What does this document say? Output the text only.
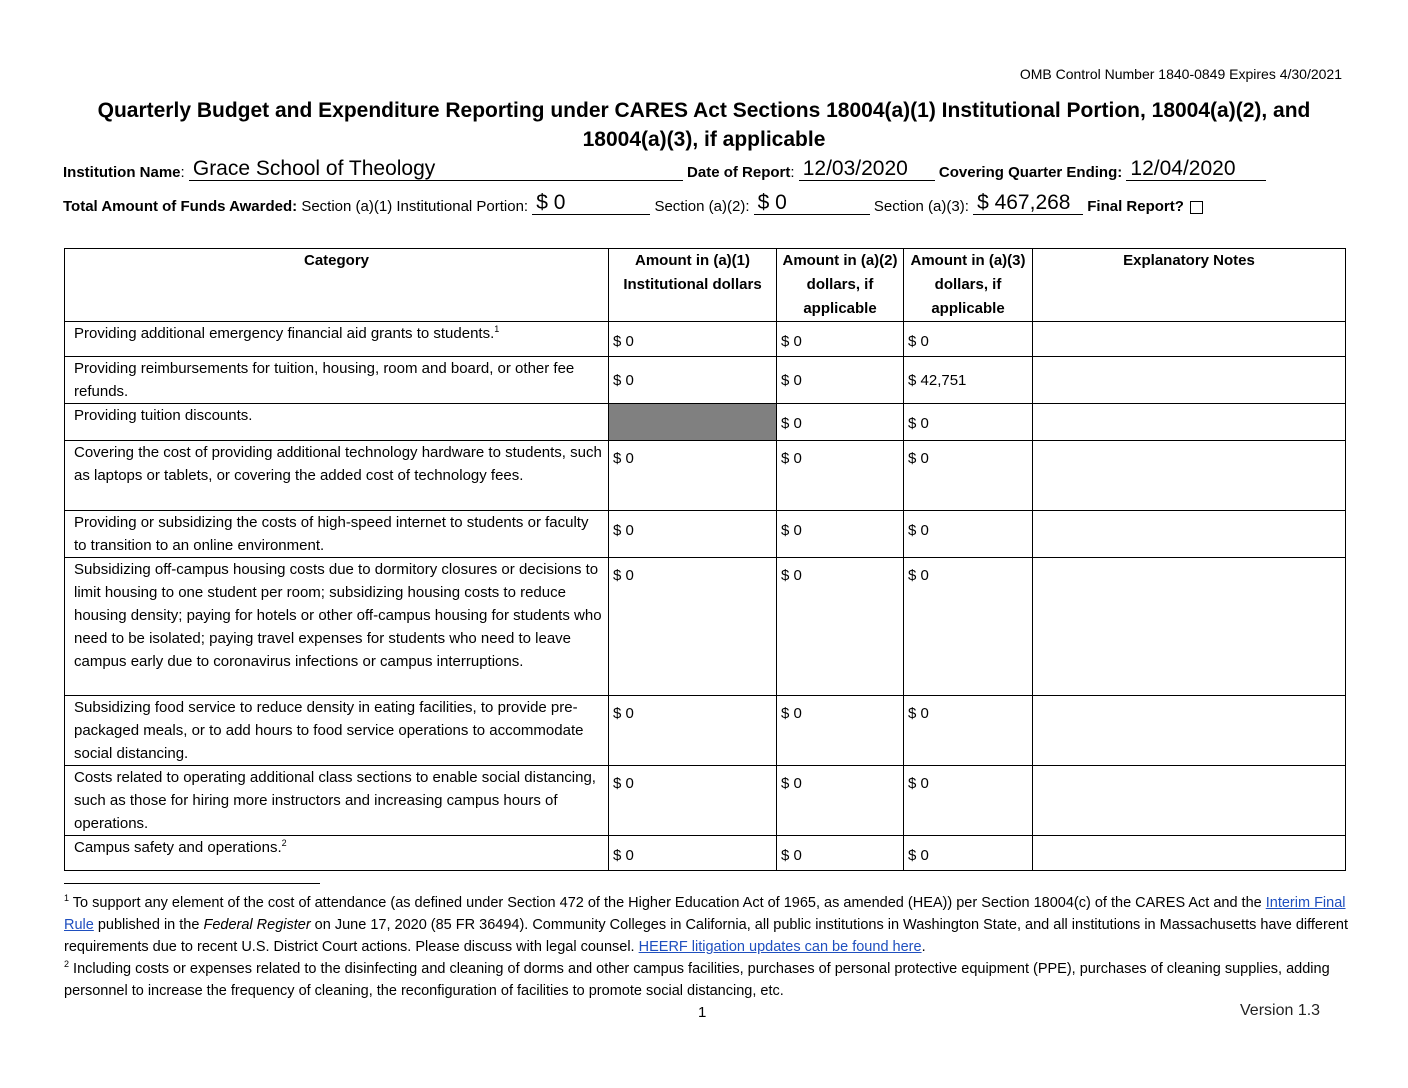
OMB Control Number 1840-0849 Expires 4/30/2021
Quarterly Budget and Expenditure Reporting under CARES Act Sections 18004(a)(1) Institutional Portion, 18004(a)(2), and 18004(a)(3), if applicable
Institution Name: Grace School of Theology	Date of Report: 12/03/2020 Covering Quarter Ending: 12/04/2020
Total Amount of Funds Awarded: Section (a)(1) Institutional Portion: $ 0	Section (a)(2): $ 0	Section (a)(3): $ 467,268 Final Report?
Category	Amount in (a)(1) Institutional dollars	Amount in (a)(2) dollars, if applicable	Amount in (a)(3) dollars, if applicable	Explanatory Notes
Providing additional emergency financial aid grants to students.$^1$	$ 0	$ 0	$ 0	
Providing reimbursements for tuition, housing, room and board, or other fee refunds.	$ 0	$ 0	$ 42,751	
Providing tuition discounts.		$ 0	$ 0	
Covering the cost of providing additional technology hardware to students, such as laptops or tablets, or covering the added cost of technology fees.	$ 0	$ 0	$ 0	
Providing or subsidizing the costs of high-speed internet to students or faculty to transition to an online environment.	$ 0	$ 0	$ 0	
Subsidizing off-campus housing costs due to dormitory closures or decisions to limit housing to one student per room; subsidizing housing costs to reduce housing density; paying for hotels or other off-campus housing for students who need to be isolated; paying travel expenses for students who need to leave campus early due to coronavirus infections or campus interruptions.	$ 0	$ 0	$ 0	
Subsidizing food service to reduce density in eating facilities, to provide pre-packaged meals, or to add hours to food service operations to accommodate social distancing.	$ 0	$ 0	$ 0	
Costs related to operating additional class sections to enable social distancing, such as those for hiring more instructors and increasing campus hours of operations.	$ 0	$ 0	$ 0	
Campus safety and operations.$^2$	$ 0	$ 0	$ 0	
$^1$ To support any element of the cost of attendance (as defined under Section 472 of the Higher Education Act of 1965, as amended (HEA)) per Section 18004(c) of the CARES Act and the Interim Final Rule published in the Federal Register on June 17, 2020 (85 FR 36494). Community Colleges in California, all public institutions in Washington State, and all institutions in Massachusetts have different requirements due to recent U.S. District Court actions. Please discuss with legal counsel. HEERF litigation updates can be found here.
$^2$ Including costs or expenses related to the disinfecting and cleaning of dorms and other campus facilities, purchases of personal protective equipment (PPE), purchases of cleaning supplies, adding personnel to increase the frequency of cleaning, the reconfiguration of facilities to promote social distancing, etc.
1	Version 1.3
